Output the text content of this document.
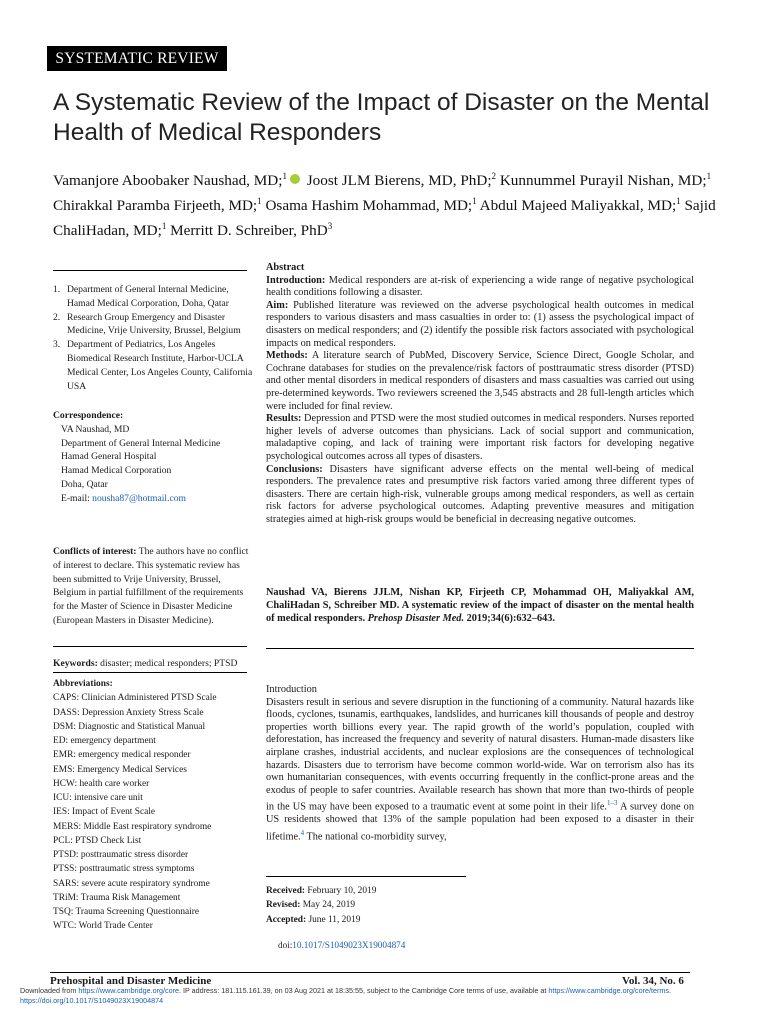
SYSTEMATIC REVIEW
A Systematic Review of the Impact of Disaster on the Mental Health of Medical Responders
Vamanjore Aboobaker Naushad, MD;$^1$ Joost JLM Bierens, MD, PhD;$^2$ Kunnummel Purayil Nishan, MD;$^1$ Chirakkal Paramba Firjeeth, MD;$^1$ Osama Hashim Mohammad, MD;$^1$ Abdul Majeed Maliyakkal, MD;$^1$ Sajid ChaliHadan, MD;$^1$ Merritt D. Schreiber, PhD$^3$
1. Department of General Internal Medicine, Hamad Medical Corporation, Doha, Qatar
2. Research Group Emergency and Disaster Medicine, Vrije University, Brussel, Belgium
3. Department of Pediatrics, Los Angeles Biomedical Research Institute, Harbor-UCLA Medical Center, Los Angeles County, California USA
Correspondence:
VA Naushad, MD
Department of General Internal Medicine
Hamad General Hospital
Hamad Medical Corporation
Doha, Qatar
E-mail: nousha87@hotmail.com
Conflicts of interest: The authors have no conflict of interest to declare. This systematic review has been submitted to Vrije University, Brussel, Belgium in partial fulfillment of the requirements for the Master of Science in Disaster Medicine (European Masters in Disaster Medicine).
Keywords: disaster; medical responders; PTSD
Abbreviations:
CAPS: Clinician Administered PTSD Scale
DASS: Depression Anxiety Stress Scale
DSM: Diagnostic and Statistical Manual
ED: emergency department
EMR: emergency medical responder
EMS: Emergency Medical Services
HCW: health care worker
ICU: intensive care unit
IES: Impact of Event Scale
MERS: Middle East respiratory syndrome
PCL: PTSD Check List
PTSD: posttraumatic stress disorder
PTSS: posttraumatic stress symptoms
SARS: severe acute respiratory syndrome
TRiM: Trauma Risk Management
TSQ: Trauma Screening Questionnaire
WTC: World Trade Center

Abstract

Introduction: Medical responders are at-risk of experiencing a wide range of negative psychological health conditions following a disaster.

Aim: Published literature was reviewed on the adverse psychological health outcomes in medical responders to various disasters and mass casualties in order to: (1) assess the psychological impact of disasters on medical responders; and (2) identify the possible risk factors associated with psychological impacts on medical responders.

Methods: A literature search of PubMed, Discovery Service, Science Direct, Google Scholar, and Cochrane databases for studies on the prevalence/risk factors of posttraumatic stress disorder (PTSD) and other mental disorders in medical responders of disasters and mass casualties was carried out using pre-determined keywords. Two reviewers screened the 3,545 abstracts and 28 full-length articles which were included for final review.

Results: Depression and PTSD were the most studied outcomes in medical responders. Nurses reported higher levels of adverse outcomes than physicians. Lack of social support and communication, maladaptive coping, and lack of training were important risk factors for developing negative psychological outcomes across all types of disasters.

Conclusions: Disasters have significant adverse effects on the mental well-being of medical responders. The prevalence rates and presumptive risk factors varied among three different types of disasters. There are certain high-risk, vulnerable groups among medical responders, as well as certain risk factors for adverse psychological outcomes. Adapting preventive measures and mitigation strategies aimed at high-risk groups would be beneficial in decreasing negative outcomes.

Naushad VA, Bierens JJLM, Nishan KP, Firjeeth CP, Mohammad OH, Maliyakkal AM, ChaliHadan S, Schreiber MD. A systematic review of the impact of disaster on the mental health of medical responders. Prehosp Disaster Med. 2019;34(6):632–643.

Introduction

Disasters result in serious and severe disruption in the functioning of a community. Natural hazards like floods, cyclones, tsunamis, earthquakes, landslides, and hurricanes kill thousands of people and destroy properties worth billions every year. The rapid growth of the world’s population, coupled with deforestation, has increased the frequency and severity of natural disasters. Human-made disasters like airplane crashes, industrial accidents, and nuclear explosions are the consequences of technological hazards. Disasters due to terrorism have become common world-wide. War on terrorism also has its own humanitarian consequences, with events occurring frequently in the conflict-prone areas and the exodus of people to safer countries. Available research has shown that more than two-thirds of people in the US may have been exposed to a traumatic event at some point in their life.$^{1-3}$ A survey done on US residents showed that 13% of the sample population had been exposed to a disaster in their lifetime.$^4$ The national co-morbidity survey,

Received: February 10, 2019
Revised: May 24, 2019
Accepted: June 11, 2019
doi:10.1017/S1049023X19004874
Prehospital and Disaster Medicine	Vol. 34, No. 6
Downloaded from https://www.cambridge.org/core. IP address: 181.115.161.39, on 03 Aug 2021 at 18:35:55, subject to the Cambridge Core terms of use, available at https://www.cambridge.org/core/terms.
https://doi.org/10.1017/S1049023X19004874
